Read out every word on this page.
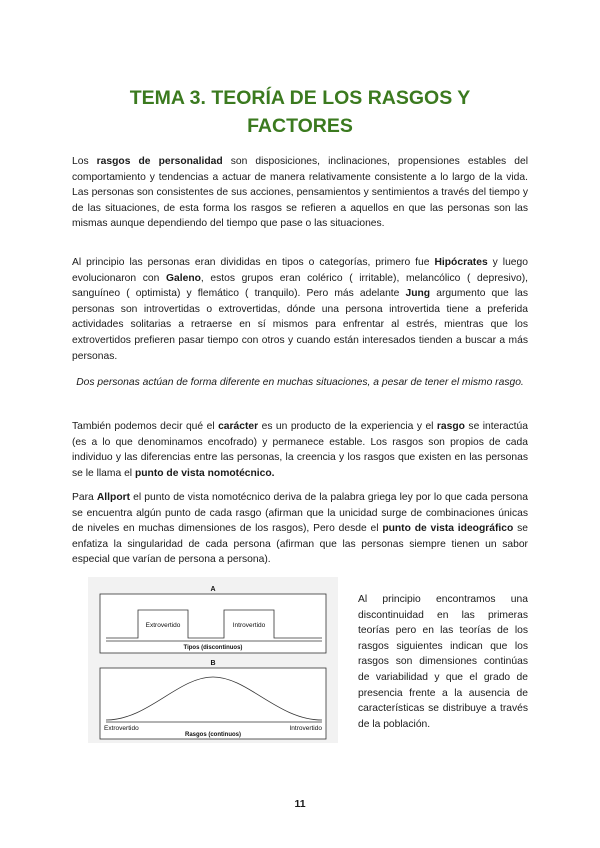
TEMA 3. TEORÍA DE LOS RASGOS Y
FACTORES

Los rasgos de personalidad son disposiciones, inclinaciones, propensiones estables del comportamiento y tendencias a actuar de manera relativamente consistente a lo largo de la vida. Las personas son consistentes de sus acciones, pensamientos y sentimientos a través del tiempo y de las situaciones, de esta forma los rasgos se refieren a aquellos en que las personas son las mismas aunque dependiendo del tiempo que pase o las situaciones.

Al principio las personas eran divididas en tipos o categorías, primero fue Hipócrates y luego evolucionaron con Galeno, estos grupos eran colérico ( irritable), melancólico ( depresivo), sanguíneo ( optimista) y flemático ( tranquilo). Pero más adelante Jung argumento que las personas son introvertidas o extrovertidas, dónde una persona introvertida tiene a preferida actividades solitarias a retraerse en sí mismos para enfrentar al estrés, mientras que los extrovertidos prefieren pasar tiempo con otros y cuando están interesados tienden a buscar a más personas.

Dos personas actúan de forma diferente en muchas situaciones, a pesar de tener el mismo rasgo.

También podemos decir qué el carácter es un producto de la experiencia y el rasgo se interactúa (es a lo que denominamos encofrado) y permanece estable. Los rasgos son propios de cada individuo y las diferencias entre las personas, la creencia y los rasgos que existen en las personas se le llama el punto de vista nomotécnico.

Para Allport el punto de vista nomotécnico deriva de la palabra griega ley por lo que cada persona se encuentra algún punto de cada rasgo (afirman que la unicidad surge de combinaciones únicas de niveles en muchas dimensiones de los rasgos), Pero desde el punto de vista ideográfico se enfatiza la singularidad de cada persona (afirman que las personas siempre tienen un sabor especial que varían de persona a persona).

A
Extrovertido	Introvertido
Tipos (discontinuos)
B
Extrovertido	Introvertido
Rasgos (continuos)

Al principio encontramos una discontinuidad en las primeras teorías pero en las teorías de los rasgos siguientes indican que los rasgos son dimensiones continúas de variabilidad y que el grado de presencia frente a la ausencia de características se distribuye a través de la población.

11
